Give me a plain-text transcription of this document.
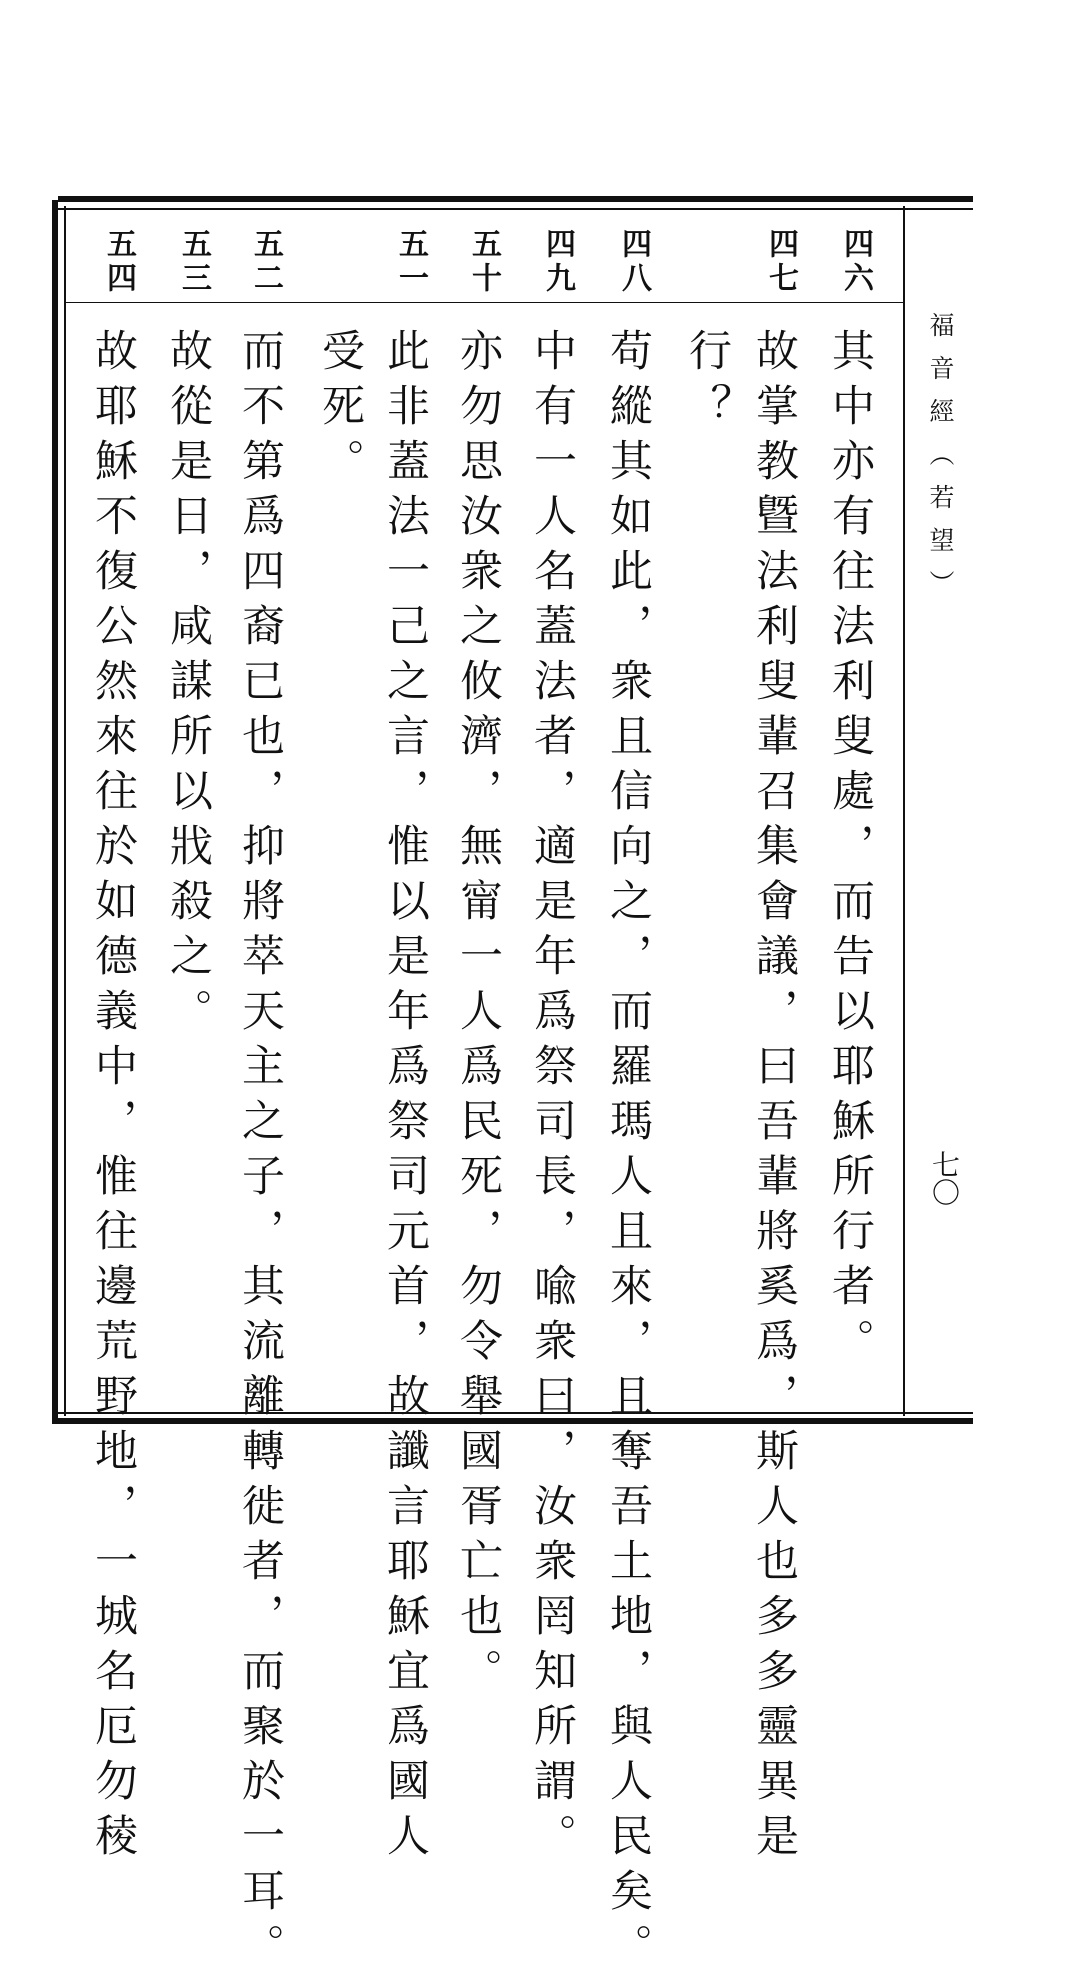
福音經（若望）
七〇
四六
其中亦有往法利叟處，而告以耶穌所行者。
四七
故掌教曁法利叟輩召集會議，曰吾輩將奚爲，斯人也多多靈異是
行？
四八
苟縱其如此，衆且信向之，而羅瑪人且來，且奪吾土地，與人民矣。
四九
中有一人名蓋法者，適是年爲祭司長，喩衆曰，汝衆罔知所謂。
五十
亦勿思汝衆之攸濟，無甯一人爲民死，勿令舉國胥亡也。
五一
此非蓋法一己之言，惟以是年爲祭司元首，故讖言耶穌宜爲國人
受死。
五二
而不第爲四裔已也，抑將萃天主之子，其流離轉徙者，而聚於一耳。
五三
故從是日，咸謀所以戕殺之。
五四
故耶穌不復公然來往於如德義中，惟往邊荒野地，一城名厄勿稜
